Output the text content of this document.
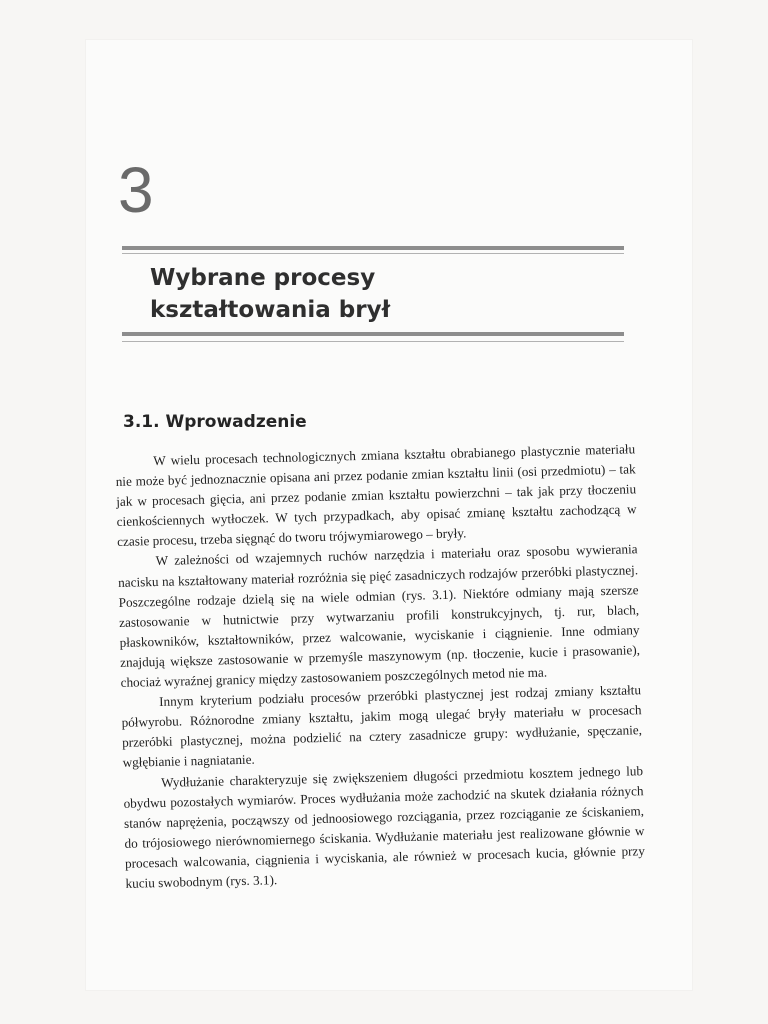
3
Wybrane procesy
kształtowania brył
3.1. Wprowadzenie

W wielu procesach technologicznych zmiana kształtu obrabianego plastycznie materiału nie może być jednoznacznie opisana ani przez podanie zmian kształtu linii (osi przedmiotu) – tak jak w procesach gięcia, ani przez podanie zmian kształtu powierzchni – tak jak przy tłoczeniu cienkościennych wytłoczek. W tych przypadkach, aby opisać zmianę kształtu zachodzącą w czasie procesu, trzeba sięgnąć do tworu trójwymiarowego – bryły.

W zależności od wzajemnych ruchów narzędzia i materiału oraz sposobu wywierania nacisku na kształtowany materiał rozróżnia się pięć zasadniczych rodzajów przeróbki plastycznej. Poszczególne rodzaje dzielą się na wiele odmian (rys. 3.1). Niektóre odmiany mają szersze zastosowanie w hutnictwie przy wytwarzaniu profili konstrukcyjnych, tj. rur, blach, płaskowników, kształtowników, przez walcowanie, wyciskanie i ciągnienie. Inne odmiany znajdują większe zastosowanie w przemyśle maszynowym (np. tłoczenie, kucie i prasowanie), chociaż wyraźnej granicy między zastosowaniem poszczególnych metod nie ma.

Innym kryterium podziału procesów przeróbki plastycznej jest rodzaj zmiany kształtu półwyrobu. Różnorodne zmiany kształtu, jakim mogą ulegać bryły materiału w procesach przeróbki plastycznej, można podzielić na cztery zasadnicze grupy: wydłużanie, spęczanie, wgłębianie i nagniatanie.

Wydłużanie charakteryzuje się zwiększeniem długości przedmiotu kosztem jednego lub obydwu pozostałych wymiarów. Proces wydłużania może zachodzić na skutek działania różnych stanów naprężenia, począwszy od jednoosiowego rozciągania, przez rozciąganie ze ściskaniem, do trójosiowego nierównomiernego ściskania. Wydłużanie materiału jest realizowane głównie w procesach walcowania, ciągnienia i wyciskania, ale również w procesach kucia, głównie przy kuciu swobodnym (rys. 3.1).
